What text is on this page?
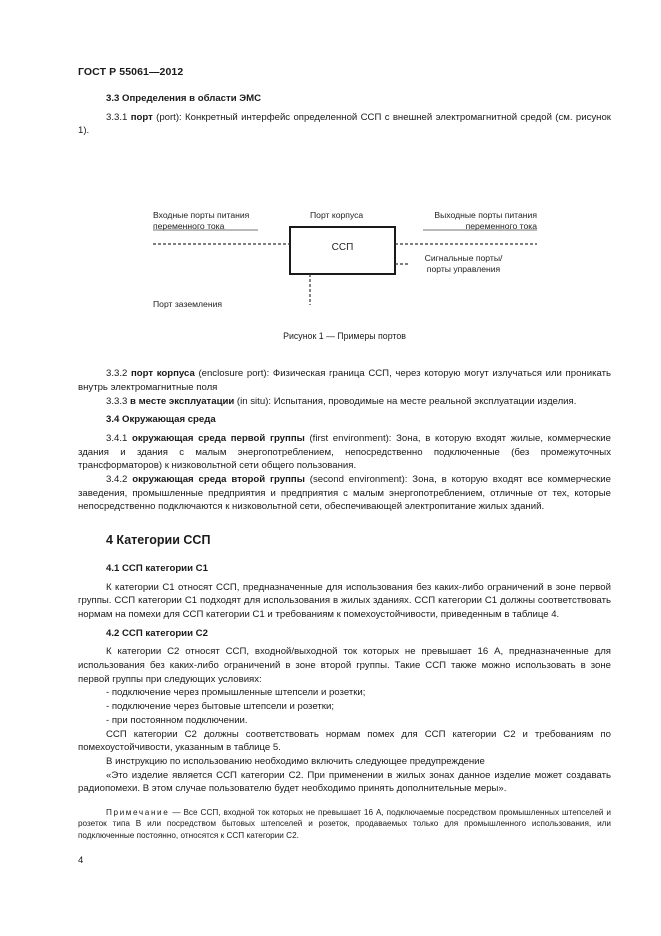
ГОСТ Р 55061—2012
3.3 Определения в области ЭМС

3.3.1 порт (port): Конкретный интерфейс определенной ССП с внешней электромагнитной средой (см. рисунок 1).

Входные порты питания переменного тока
Порт корпуса	Выходные порты питания переменного тока
ССП
Сигнальные порты/ порты управления
Порт заземления
Рисунок 1 — Примеры портов

3.3.2 порт корпуса (enclosure port): Физическая граница ССП, через которую могут излучаться или проникать внутрь электромагнитные поля

3.3.3 в месте эксплуатации (in situ): Испытания, проводимые на месте реальной эксплуатации изделия.

3.4 Окружающая среда

3.4.1 окружающая среда первой группы (first environment): Зона, в которую входят жилые, коммерческие здания и здания с малым энергопотреблением, непосредственно подключенные (без промежуточных трансформаторов) к низковольтной сети общего пользования.

3.4.2 окружающая среда второй группы (second environment): Зона, в которую входят все коммерческие заведения, промышленные предприятия и предприятия с малым энергопотреблением, отличные от тех, которые непосредственно подключаются к низковольтной сети, обеспечивающей электропитание жилых зданий.

4 Категории ССП
4.1 ССП категории С1

К категории С1 относят ССП, предназначенные для использования без каких-либо ограничений в зоне первой группы. ССП категории С1 подходят для использования в жилых зданиях. ССП категории С1 должны соответствовать нормам на помехи для ССП категории С1 и требованиям к помехоустойчивости, приведенным в таблице 4.

4.2 ССП категории С2

К категории С2 относят ССП, входной/выходной ток которых не превышает 16 А, предназначенные для использования без каких-либо ограничений в зоне второй группы. Такие ССП также можно использовать в зоне первой группы при следующих условиях:

- подключение через промышленные штепсели и розетки;

- подключение через бытовые штепсели и розетки;

- при постоянном подключении.

ССП категории С2 должны соответствовать нормам помех для ССП категории С2 и требованиям по помехоустойчивости, указанным в таблице 5.

В инструкцию по использованию необходимо включить следующее предупреждение

«Это изделие является ССП категории С2. При применении в жилых зонах данное изделие может создавать радиопомехи. В этом случае пользователю будет необходимо принять дополнительные меры».

Примечание — Все ССП, входной ток которых не превышает 16 А, подключаемые посредством промышленных штепселей и розеток типа В или посредством бытовых штепселей и розеток, продаваемых только для промышленного использования, или подключенные постоянно, относятся к ССП категории С2.

4
